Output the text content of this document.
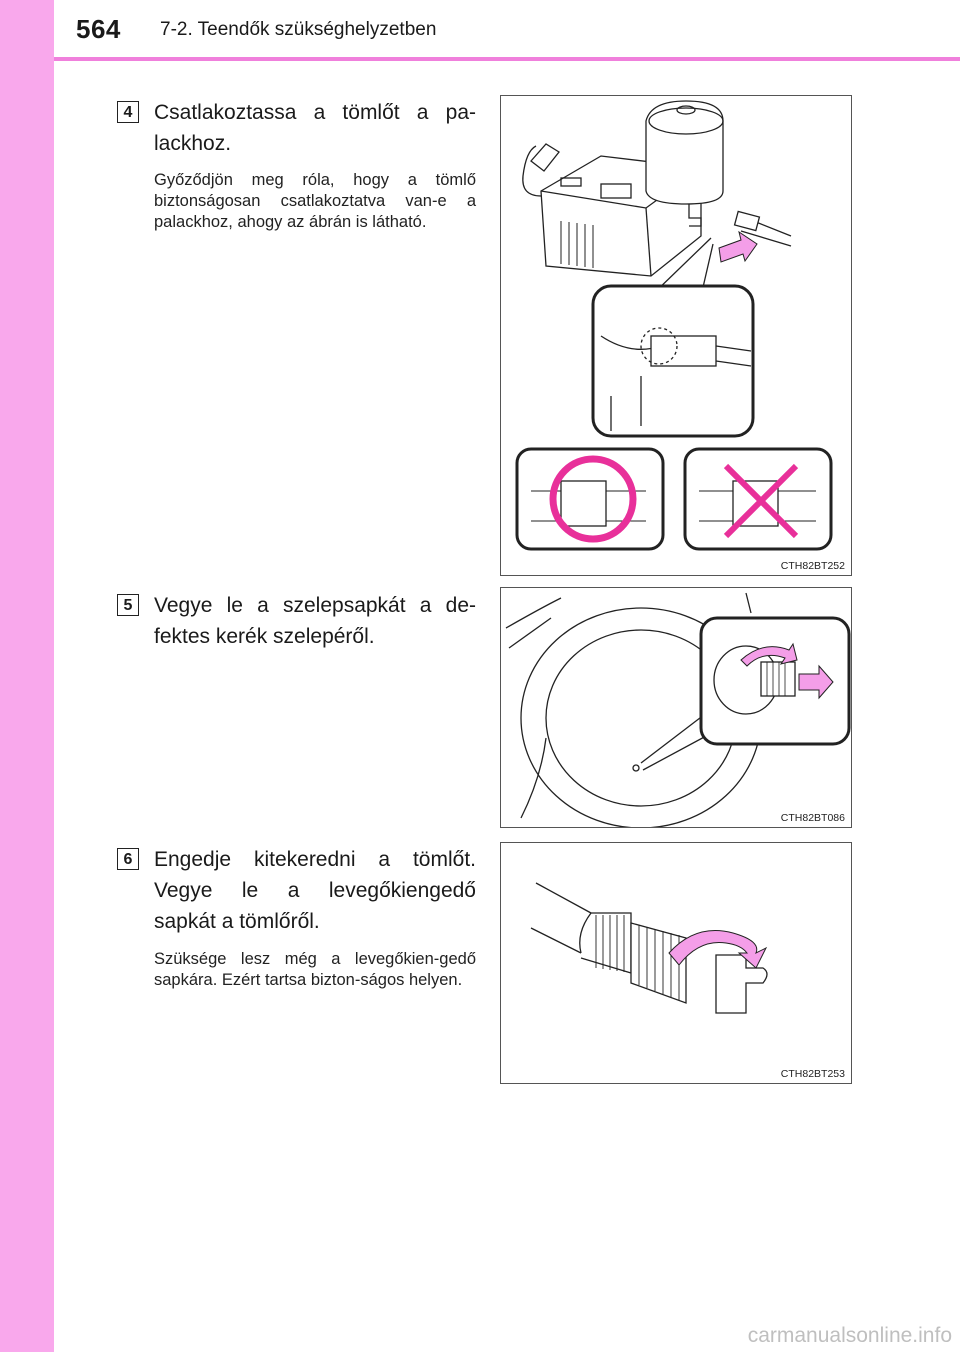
564 7-2. Teendők szükséghelyzetben
4	Csatlakoztassa a tömlőt a pa-
lackhoz.
Győződjön meg róla, hogy a tömlő biztonságosan csatlakoztatva van-e a palackhoz, ahogy az ábrán is látható.
CTH82BT252
5	Vegye le a szelepsapkát a de-
fektes kerék szelepéről.
CTH82BT086
6	Engedje kitekeredni a tömlőt.
Vegye le a levegőkiengedő
sapkát a tömlőről.
Szüksége lesz még a levegőkien-gedő sapkára. Ezért tartsa bizton-ságos helyen.
CTH82BT253
carmanualsonline.info
